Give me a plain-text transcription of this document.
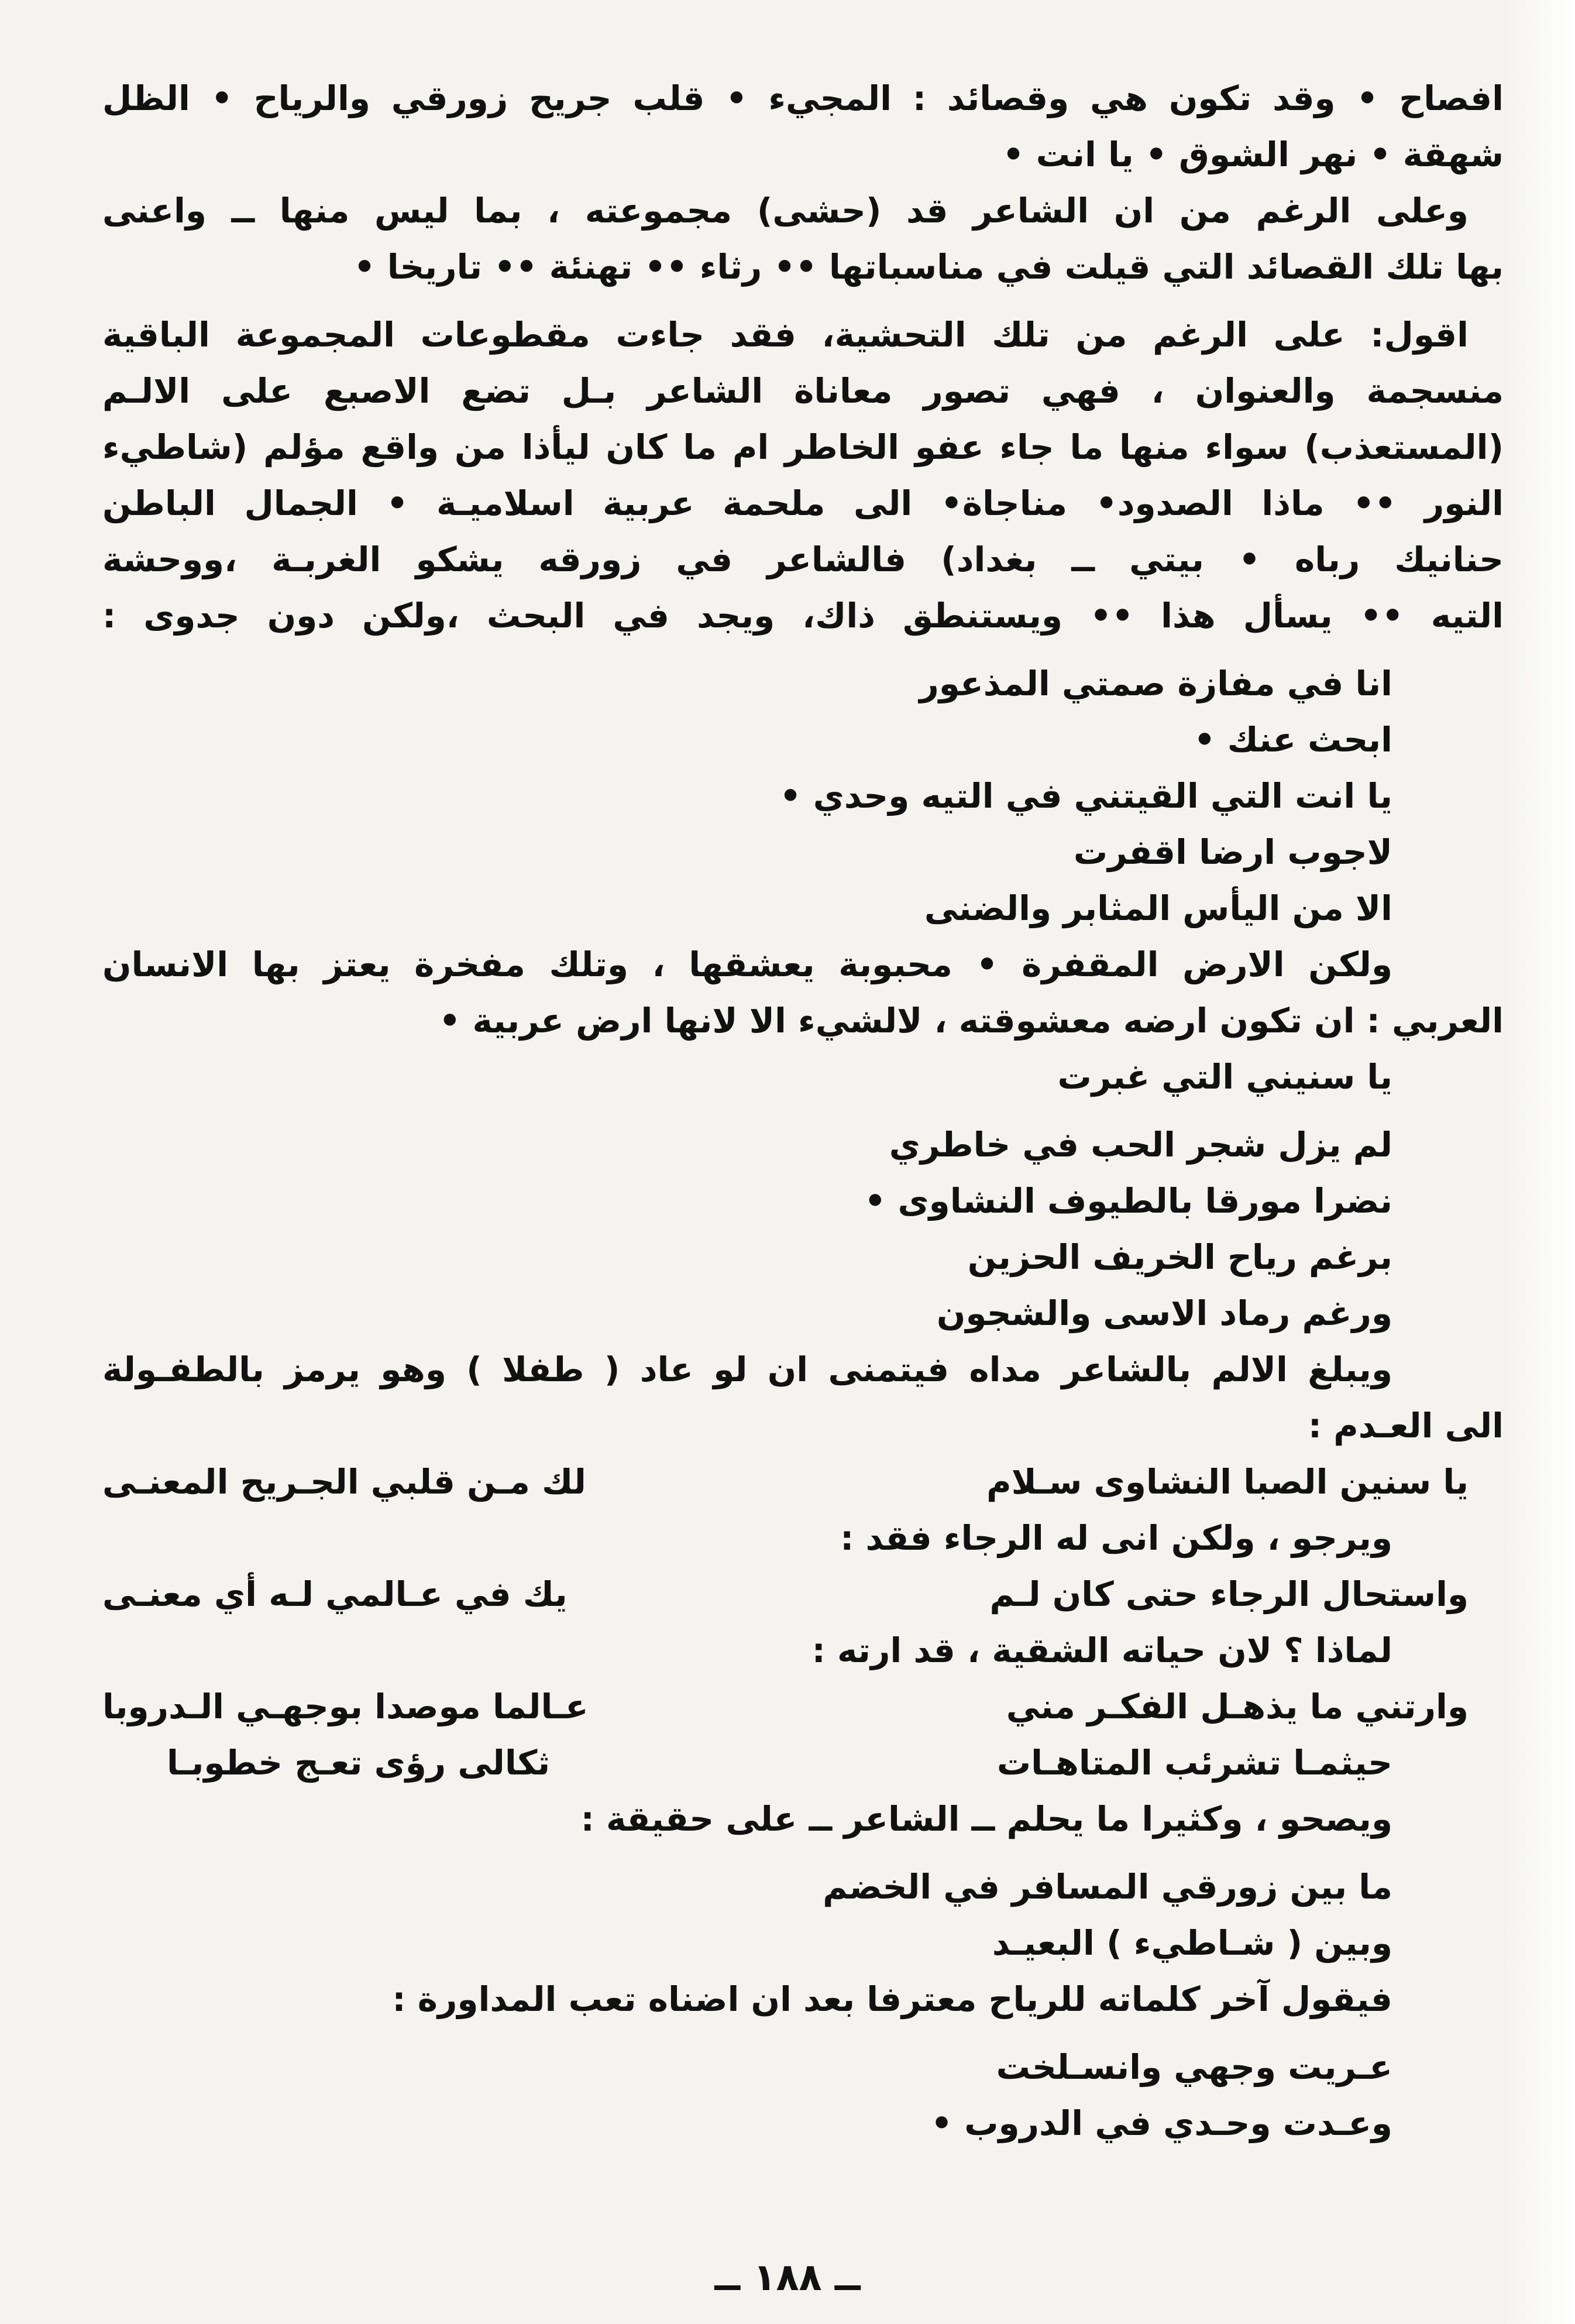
افصاح • وقد تكون هي وقصائد : المجيء • قلب جريح زورقي والرياح • الظل
شهقة • نهر الشوق • يا انت •
وعلى الرغم من ان الشاعر قد (حشى) مجموعته ، بما ليس منها ــ واعنى
بها تلك القصائد التي قيلت في مناسباتها •• رثاء •• تهنئة •• تاريخا •
اقول: على الرغم من تلك التحشية، فقد جاءت مقطوعات المجموعة الباقية
منسجمة والعنوان ، فهي تصور معاناة الشاعر بـل تضع الاصبع على الالـم
(المستعذب) سواء منها ما جاء عفو الخاطر ام ما كان ليأذا من واقع مؤلم (شاطيء
النور •• ماذا الصدود• مناجاة• الى ملحمة عربية اسلاميـة • الجمال الباطن
حنانيك رباه • بيتي ــ بغداد) فالشاعر في زورقه يشكو الغربـة ،ووحشة
التيه •• يسأل هذا •• ويستنطق ذاك، ويجد في البحث ،ولكن دون جدوى :
انا في مفازة صمتي المذعور
ابحث عنك •
يا انت التي القيتني في التيه وحدي •
لاجوب ارضا اقفرت
الا من اليأس المثابر والضنى
ولكن الارض المقفرة • محبوبة يعشقها ، وتلك مفخرة يعتز بها الانسان
العربي : ان تكون ارضه معشوقته ، لالشيء الا لانها ارض عربية •
يا سنيني التي غبرت
لم يزل شجر الحب في خاطري
نضرا مورقا بالطيوف النشاوى •
برغم رياح الخريف الحزين
ورغم رماد الاسى والشجون
ويبلغ الالم بالشاعر مداه فيتمنى ان لو عاد ( طفلا ) وهو يرمز بالطفـولة
الى العـدم :
يا سنين الصبا النشاوى سـلام
لك مـن قلبي الجـريح المعنـى
ويرجو ، ولكن انى له الرجاء فقد :
واستحال الرجاء حتى كان لـم
يك في عـالمي لـه أي معنـى
لماذا ؟ لان حياته الشقية ، قد ارته :
وارتني ما يذهـل الفكـر مني
عـالما موصدا بوجهـي الـدروبا
حيثمـا تشرئب المتاهـات
ثكالى رؤى تعـج خطوبـا
ويصحو ، وكثيرا ما يحلم ــ الشاعر ــ على حقيقة :
ما بين زورقي المسافر في الخضم
وبين ( شـاطيء ) البعيـد
فيقول آخر كلماته للرياح معترفا بعد ان اضناه تعب المداورة :
عـريت وجهي وانسـلخت
وعـدت وحـدي في الدروب •
ــ ١٨٨ ــ
